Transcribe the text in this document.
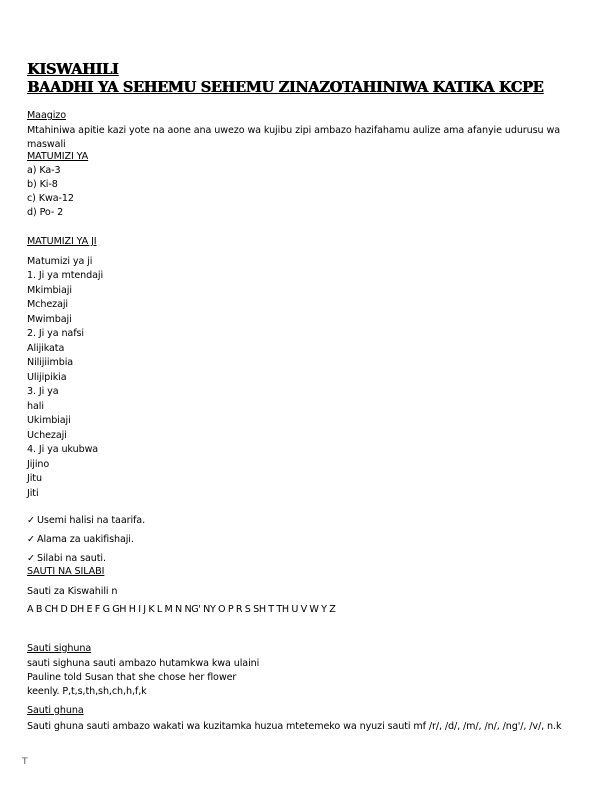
KISWAHILI
BAADHI YA SEHEMU SEHEMU ZINAZOTAHINIWA KATIKA KCPE
Maagizo
Mtahiniwa apitie kazi yote na aone ana uwezo wa kujibu zipi ambazo hazifahamu aulize ama afanyie udurusu wa maswali
MATUMIZI YA
a) Ka-3
b) Ki-8
c) Kwa-12
d) Po- 2
MATUMIZI YA JI
Matumizi ya ji
1. Ji ya mtendaji
Mkimbiaji
Mchezaji
Mwimbaji
2. Ji ya nafsi
Alijikata
Nilijiimbia
Ulijipikia
3. Ji ya
hali
Ukimbiaji
Uchezaji
4. Ji ya ukubwa
Jijino
Jitu
Jiti
✓ Usemi halisi na taarifa.
✓ Alama za uakifishaji.
✓ Silabi na sauti.
SAUTI NA SILABI
Sauti za Kiswahili n
A B CH D DH E F G GH H I J K L M N NG' NY O P R S SH T TH U V W Y Z
Sauti sighuna
sauti sighuna sauti ambazo hutamkwa kwa ulaini
Pauline told Susan that she chose her flower
keenly. P,t,s,th,sh,ch,h,f,k
Sauti ghuna
Sauti ghuna sauti ambazo wakati wa kuzitamka huzua mtetemeko wa nyuzi sauti mf /r/, /d/, /m/, /n/, /ng'/, /v/, n.k
T
